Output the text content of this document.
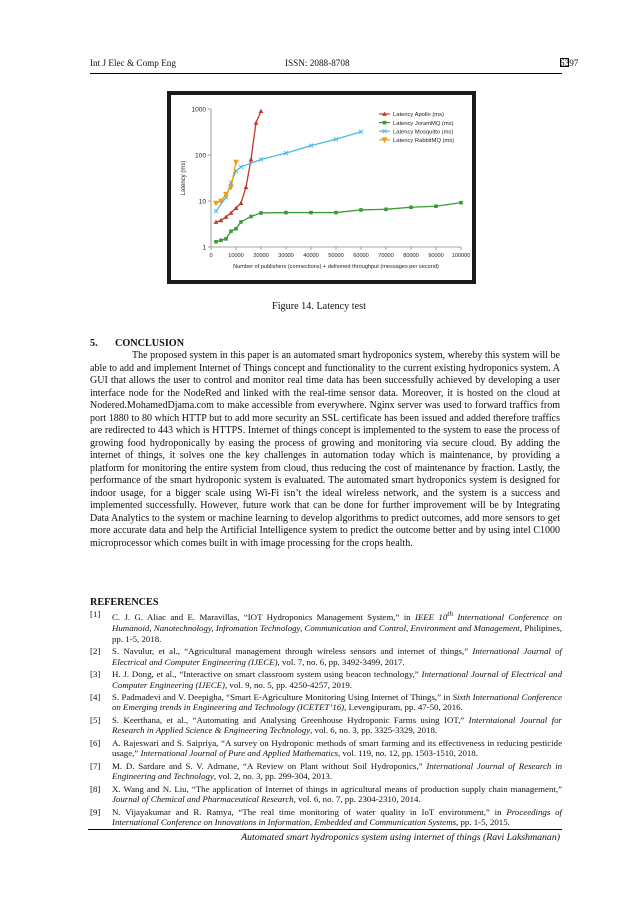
Int J Elec & Comp Eng	ISSN: 2088-8708	6397
1
10
100
1000
0	10000 20000 30000 40000 50000 60000 70000 80000 90000 100000
Number of publishers (connections) + delivered throughput (messages per second)
Latency (ms)
Latency Apollo (ms)
Latency JoramMQ (ms)
Latency Mosquitto (ms)
Latency RabbitMQ (ms)
Figure 14. Latency test
5. CONCLUSION

The proposed system in this paper is an automated smart hydroponics system, whereby this system will be able to add and implement Internet of Things concept and functionality to the current existing hydroponics system. A GUI that allows the user to control and monitor real time data has been successfully achieved by developing a user interface node for the NodeRed and linked with the real-time sensor data. Moreover, it is hosted on the cloud at Nodered.MohamedDjama.com to make accessible from everywhere. Nginx server was used to forward traffics from port 1880 to 80 which HTTP but to add more security an SSL certificate has been issued and added therefore traffics are redirected to 443 which is HTTPS. Internet of things concept is implemented to the system to ease the process of growing food hydroponically by easing the process of growing and monitoring via secure cloud. By adding the internet of things, it solves one the key challenges in automation today which is maintenance, by providing a platform for monitoring the entire system from cloud, thus reducing the cost of maintenance by fraction. Lastly, the performance of the smart hydroponic system is evaluated. The automated smart hydroponics system is designed for indoor usage, for a bigger scale using Wi-Fi isn’t the ideal wireless network, and the system is a success and implemented successfully. However, future work that can be done for further improvement will be by Integrating Data Analytics to the system or machine learning to develop algorithms to predict outcomes, add more sensors to get more accurate data and help the Artificial Intelligence system to predict the outcome better and by using intel C1000 microprocessor which comes built in with image processing for the crops health.

REFERENCES
[1]	C. J. G. Aliac and E. Maravillas, “IOT Hydroponics Management System,” in IEEE 10th International Conference on Humanoid, Nanotechnology, Infromation Technology, Communication and Control, Environment and Management, Philipines, pp. 1-5, 2018.
[2]	S. Navulur, et al., “Agricultural management through wireless sensors and internet of things,” International Journal of Electrical and Computer Engineering (IJECE), vol. 7, no. 6, pp. 3492-3499, 2017.
[3]	H. J. Dong, et al., “Interactive on smart classroom system using beacon technology,” International Journal of Electrical and Computer Engineering (IJECE), vol. 9, no. 5, pp. 4250-4257, 2019.
[4]	S. Padmadevi and V. Deepigha, “Smart E-Agriculture Monitoring Using Internet of Things,” in Sixth International Conference on Emerging trends in Engineering and Technology (ICETET’16), Levengipuram, pp. 47-50, 2016.
[5]	S. Keerthana, et al., “Automating and Analysing Greenhouse Hydroponic Farms using IOT,” Interntaional Journal for Research in Applied Science & Engineering Technology, vol. 6, no. 3, pp. 3325-3329, 2018.
[6]	A. Rajeswari and S. Saipriya, “A survey on Hydroponic methods of smart farming and its effectiveness in reducing pesticide usage,” International Journal of Pure and Applied Mathematics, vol. 119, no. 12, pp. 1503-1510, 2018.
[7]	M. D. Sardare and S. V. Admane, “A Review on Plant without Soil Hydroponics,” International Journal of Research in Engineering and Technology, vol. 2, no. 3, pp. 299-304, 2013.
[8]	X. Wang and N. Liu, “The application of Internet of things in agricultural means of production supply chain management,” Journal of Chemical and Pharmaceutical Research, vol. 6, no. 7, pp. 2304-2310, 2014.
[9]	N. Vijayakumar and R. Ramya, “The real time monitoring of water quality in IoT environment,” in Proceedings of International Conference on Innovations in Information, Embedded and Communication Systems, pp. 1-5, 2015.
Automated smart hydroponics system using internet of things (Ravi Lakshmanan)
